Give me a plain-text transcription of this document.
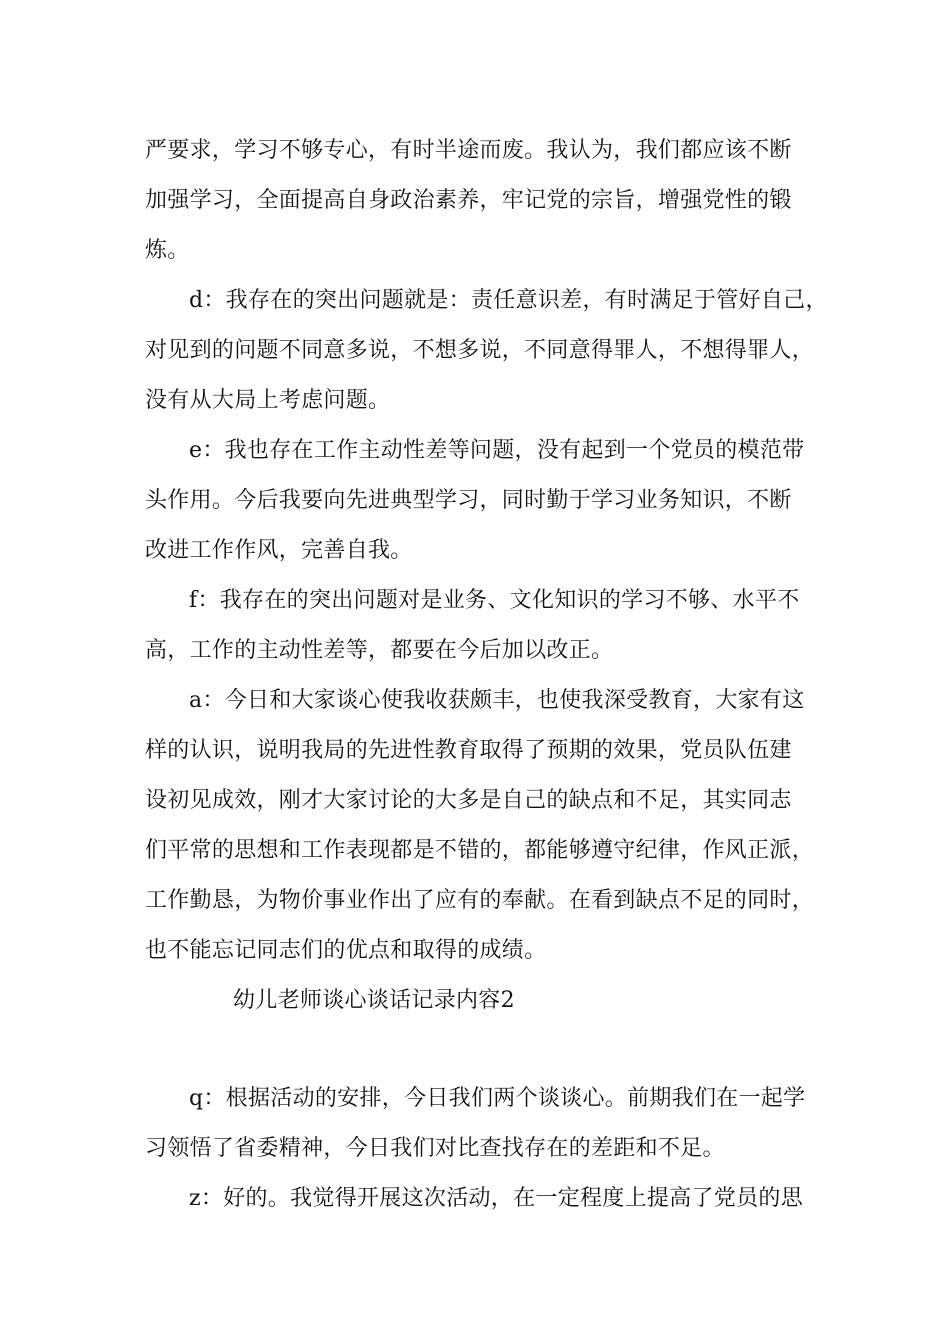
严要求，学习不够专心，有时半途而废。我认为，我们都应该不断
加强学习，全面提高自身政治素养，牢记党的宗旨，增强党性的锻
炼。
d：我存在的突出问题就是：责任意识差，有时满足于管好自己，
对见到的问题不同意多说，不想多说，不同意得罪人，不想得罪人，
没有从大局上考虑问题。
e：我也存在工作主动性差等问题，没有起到一个党员的模范带
头作用。今后我要向先进典型学习，同时勤于学习业务知识，不断
改进工作作风，完善自我。
f：我存在的突出问题对是业务、文化知识的学习不够、水平不
高，工作的主动性差等，都要在今后加以改正。
a：今日和大家谈心使我收获颇丰，也使我深受教育，大家有这
样的认识，说明我局的先进性教育取得了预期的效果，党员队伍建
设初见成效，刚才大家讨论的大多是自己的缺点和不足，其实同志
们平常的思想和工作表现都是不错的，都能够遵守纪律，作风正派，
工作勤恳，为物价事业作出了应有的奉献。在看到缺点不足的同时，
也不能忘记同志们的优点和取得的成绩。
幼儿老师谈心谈话记录内容2
q：根据活动的安排，今日我们两个谈谈心。前期我们在一起学
习领悟了省委精神，今日我们对比查找存在的差距和不足。
z：好的。我觉得开展这次活动，在一定程度上提高了党员的思
